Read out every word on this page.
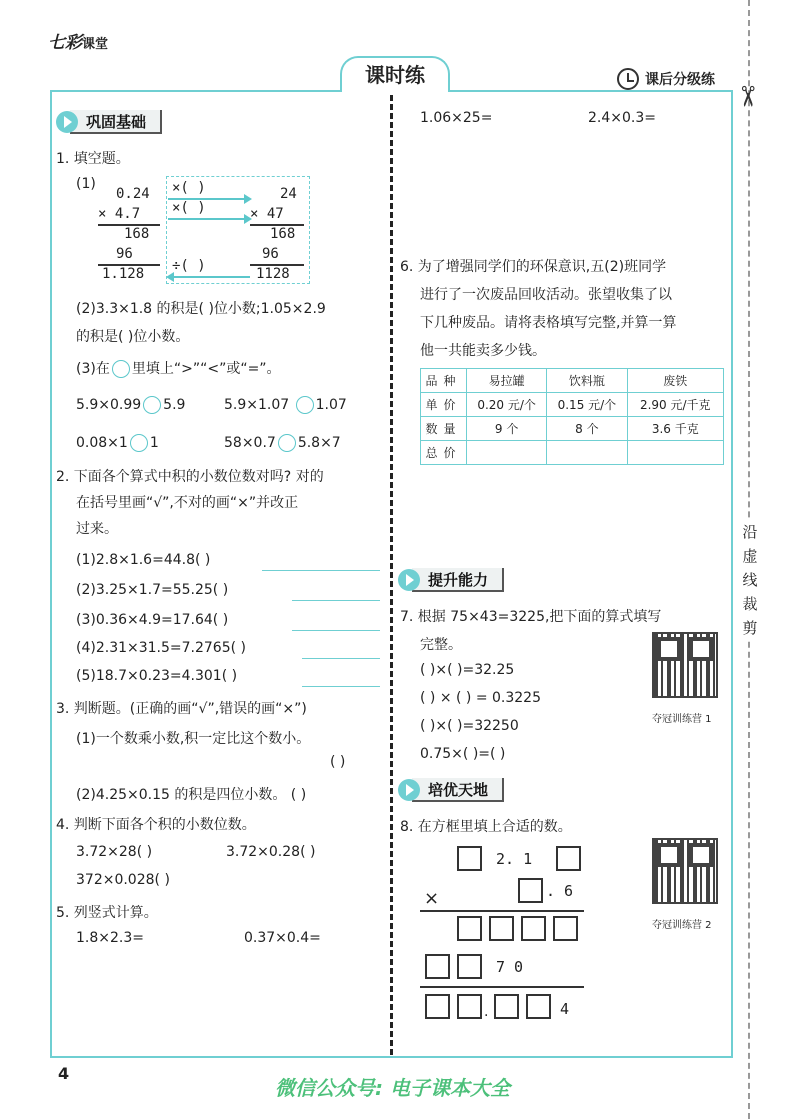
七彩课堂
课时练	课后分级练
✂
沿
虚
线
裁
剪
巩固基础
1. 填空题。
(1)
0.24
× 4.7
168
96
1.128
×( )
×( )
÷( )
24
× 47
168
96
1128
(2)3.3×1.8 的积是( )位小数;1.05×2.9
的积是( )位小数。
(3)在 里填上“>”“<”或“=”。
5.9×0.99 5.9	5.9×1.07 1.07
0.08×1 1	58×0.7 5.8×7
2. 下面各个算式中积的小数位数对吗? 对的
在括号里画“√”,不对的画“×”并改正
过来。
(1)2.8×1.6=44.8( )
(2)3.25×1.7=55.25( )
(3)0.36×4.9=17.64( )
(4)2.31×31.5=7.2765( )
(5)18.7×0.23=4.301( )
3. 判断题。(正确的画“√”,错误的画“×”)
(1)一个数乘小数,积一定比这个数小。
( )
(2)4.25×0.15 的积是四位小数。 ( )
4. 判断下面各个积的小数位数。
3.72×28( )	3.72×0.28( )
372×0.028( )
5. 列竖式计算。
1.8×2.3=	0.37×0.4=
1.06×25=	2.4×0.3=
6. 为了增强同学们的环保意识,五(2)班同学
进行了一次废品回收活动。张望收集了以
下几种废品。请将表格填写完整,并算一算
他一共能卖多少钱。
品种	易拉罐	饮料瓶	废铁
单价	0.20 元/个	0.15 元/个	2.90 元/千克
数量	9 个	8 个	3.6 千克
总价			
提升能力
7. 根据 75×43=3225,把下面的算式填写
完整。
( )×( )=32.25
( ) × ( ) = 0.3225
( )×( )=32250
0.75×( )=( )
夺冠训练营 1
培优天地
8. 在方框里填上合适的数。
夺冠训练营 2
2. 1
. 6
×
7 0
.	4
4
微信公众号: 电子课本大全
